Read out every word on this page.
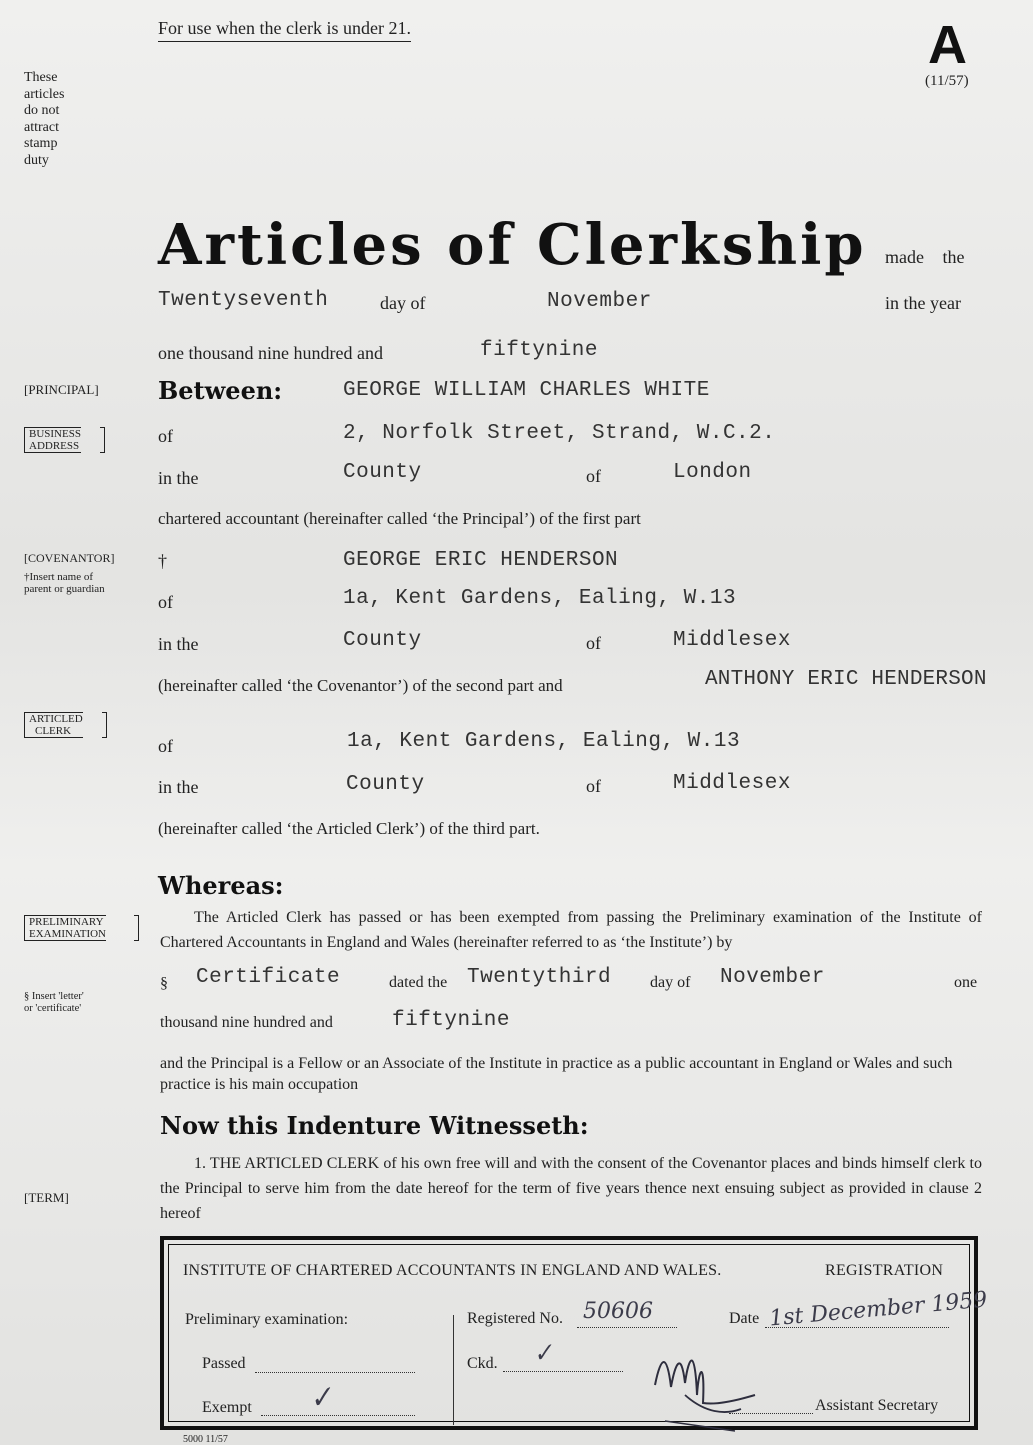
For use when the clerk is under 21.	A
(11/57)
These
articles
do not
attract
stamp
duty
Articles of Clerkship made the
Twentyseventh	day of	November	in the year
one thousand nine hundred and	fiftynine
[PRINCIPAL] Between:	GEORGE WILLIAM CHARLES WHITE
BUSINESS
ADDRESS	of	2, Norfolk Street, Strand, W.C.2.
in the	County	of	London
chartered accountant (hereinafter called ‘the Principal’) of the first part
[COVENANTOR]
†Insert name of
parent or guardian
†	GEORGE ERIC HENDERSON
of	1a, Kent Gardens, Ealing, W.13
in the	County	of	Middlesex
(hereinafter called ‘the Covenantor’) of the second part and	ANTHONY ERIC HENDERSON
ARTICLED
CLERK
of	1a, Kent Gardens, Ealing, W.13
in the	County	of	Middlesex
(hereinafter called ‘the Articled Clerk’) of the third part.
Whereas:
PRELIMINARY
EXAMINATION
The Articled Clerk has passed or has been exempted from passing the Preliminary examination of the Institute of Chartered Accountants in England and Wales (hereinafter referred to as ‘the Institute’) by
§ Certificate	dated the Twentythird day of November	one
§ Insert 'letter'
or 'certificate'
thousand nine hundred and	fiftynine
and the Principal is a Fellow or an Associate of the Institute in practice as a public accountant in England or Wales and such practice is his main occupation
Now this Indenture Witnesseth:
[TERM]
1. THE ARTICLED CLERK of his own free will and with the consent of the Covenantor places and binds himself clerk to the Principal to serve him from the date hereof for the term of five years thence next ensuing subject as provided in clause 2 hereof
INSTITUTE OF CHARTERED ACCOUNTANTS IN ENGLAND AND WALES.	REGISTRATION
Preliminary examination:
Passed
Exempt ✓
Registered No. 50606
Ckd. ✓
Date 1st December 1959
Assistant Secretary
5000 11/57
